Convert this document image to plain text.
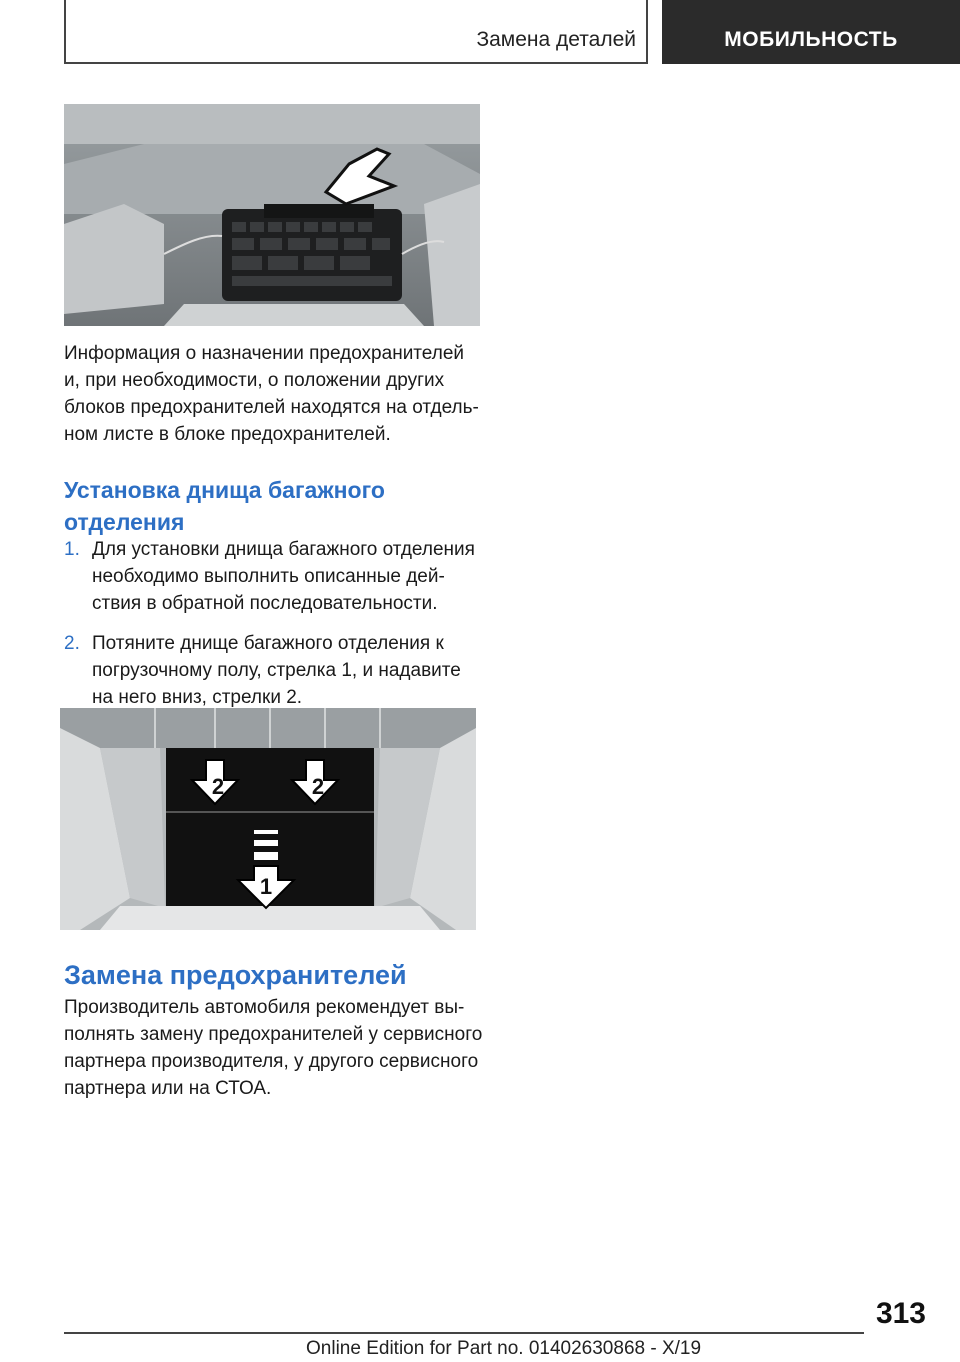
Замена деталей	МОБИЛЬНОСТЬ

Информация о назначении предохранителей и, при необходимости, о положении других блоков предохранителей находятся на отдельном листе в блоке предохранителей.

Установка днища багажного отделения
1. Для установки днища багажного отделения необходимо выполнить описанные действия в обратной последовательности.
2. Потяните днище багажного отделения к погрузочному полу, стрелка 1, и надавите на него вниз, стрелки 2.
2	2
1
Замена предохранителей

Производитель автомобиля рекомендует выполнять замену предохранителей у сервисного партнера производителя, у другого сервисного партнера или на СТОА.

313
Online Edition for Part no. 01402630868 - X/19
